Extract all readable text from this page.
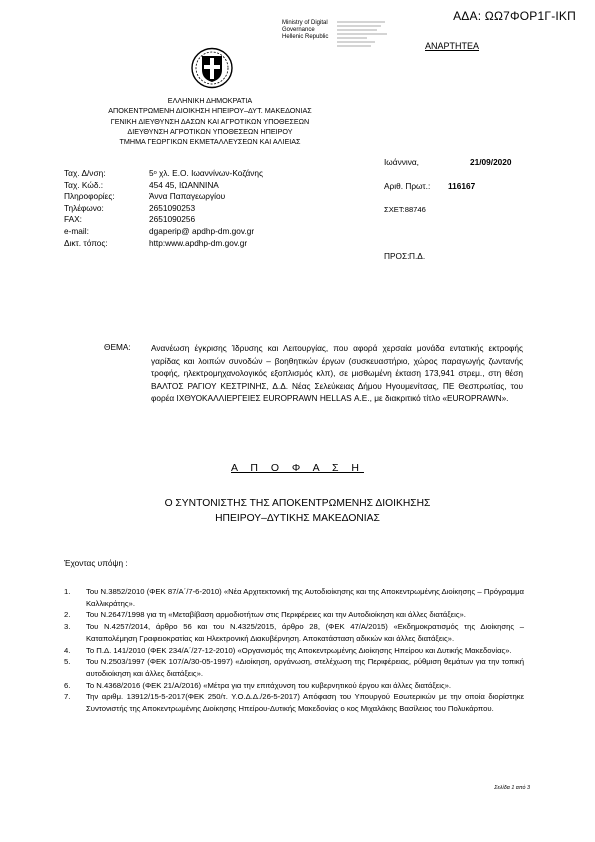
ΑΔΑ: ΩΩ7ΦΟΡ1Γ-ΙΚΠ
Ministry of Digital
Governance
Hellenic Republic
ΑΝΑΡΤΗΤΕΑ
ΕΛΛΗΝΙΚΗ ΔΗΜΟΚΡΑΤΙΑ
ΑΠΟΚΕΝΤΡΩΜΕΝΗ ΔΙΟΙΚΗΣΗ ΗΠΕΙΡΟΥ–ΔΥΤ. ΜΑΚΕΔΟΝΙΑΣ
ΓΕΝΙΚΗ ΔΙΕΥΘΥΝΣΗ ΔΑΣΩΝ ΚΑΙ ΑΓΡΟΤΙΚΩΝ ΥΠΟΘΕΣΕΩΝ
ΔΙΕΥΘΥΝΣΗ ΑΓΡΟΤΙΚΩΝ ΥΠΟΘΕΣΕΩΝ ΗΠΕΙΡΟΥ
ΤΜΗΜΑ ΓΕΩΡΓΙΚΩΝ ΕΚΜΕΤΑΛΛΕΥΣΕΩΝ ΚΑΙ ΑΛΙΕΙΑΣ
Ιωάννινα,	21/09/2020
Ταχ. Δ/νση:	5ᵒ χλ. Ε.Ο. Ιωαννίνων-Κοζάνης
Ταχ. Κώδ.:	454 45, ΙΩΑΝΝΙΝΑ
Πληροφορίες:	Άννα Παπαγεωργίου
Τηλέφωνο:	2651090253
FAX:	2651090256
e-mail:	dgaperip@ apdhp-dm.gov.gr
Δικτ. τόπος:	http:www.apdhp-dm.gov.gr
Αριθ. Πρωτ.: 116167
ΣΧΕΤ:88746
ΠΡΟΣ: Π.Δ.
ΘΕΜΑ: Ανανέωση έγκρισης Ίδρυσης και Λειτουργίας, που αφορά χερσαία μονάδα εντατικής εκτροφής γαρίδας και λοιπών συνοδών – βοηθητικών έργων (συσκευαστήριο, χώρος παραγωγής ζωντανής τροφής, ηλεκτρομηχανολογικός εξοπλισμός κλπ), σε μισθωμένη έκταση 173,941 στρεμ., στη θέση ΒΑΛΤΟΣ ΡΑΓΙΟΥ ΚΕΣΤΡΙΝΗΣ, Δ.Δ. Νέας Σελεύκειας Δήμου Ηγουμενίτσας, ΠΕ Θεσπρωτίας, του φορέα ΙΧΘΥΟΚΑΛΛΙΕΡΓΕΙΕΣ EUROPRAWN HELLAS Α.Ε., με διακριτικό τίτλο «EUROPRAWN».
Α Π Ο Φ Α Σ Η
Ο ΣΥΝΤΟΝΙΣΤΗΣ ΤΗΣ ΑΠΟΚΕΝΤΡΩΜΕΝΗΣ ΔΙΟΙΚΗΣΗΣ
ΗΠΕΙΡΟΥ–ΔΥΤΙΚΗΣ ΜΑΚΕΔΟΝΙΑΣ
Έχοντας υπόψη :
1. Του Ν.3852/2010 (ΦΕΚ 87/Α΄/7-6-2010) «Νέα Αρχιτεκτονική της Αυτοδιοίκησης και της Αποκεντρωμένης Διοίκησης – Πρόγραμμα Καλλικράτης».
2. Του Ν.2647/1998 για τη «Μεταβίβαση αρμοδιοτήτων στις Περιφέρειες και την Αυτοδιοίκηση και άλλες διατάξεις».
3. Του Ν.4257/2014, άρθρο 56 και του Ν.4325/2015, άρθρο 28, (ΦΕΚ 47/Α/2015) «Εκδημοκρατισμός της Διοίκησης – Καταπολέμηση Γραφειοκρατίας και Ηλεκτρονική Διακυβέρνηση. Αποκατάσταση αδικιών και άλλες διατάξεις».
4. Το Π.Δ. 141/2010 (ΦΕΚ 234/Α΄/27-12-2010) «Οργανισμός της Αποκεντρωμένης Διοίκησης Ηπείρου και Δυτικής Μακεδονίας».
5. Του Ν.2503/1997 (ΦΕΚ 107/Α/30-05-1997) «Διοίκηση, οργάνωση, στελέχωση της Περιφέρειας, ρύθμιση θεμάτων για την τοπική αυτοδιοίκηση και άλλες διατάξεις».
6. Το Ν.4368/2016 (ΦΕΚ 21/Α/2016) «Μέτρα για την επιτάχυνση του κυβερνητικού έργου και άλλες διατάξεις».
7. Την αριθμ. 13912/15-5-2017(ΦΕΚ 250/τ. Υ.Ο.Δ.Δ./26-5-2017) Απόφαση του Υπουργού Εσωτερικών με την οποία διορίστηκε Συντονιστής της Αποκεντρωμένης Διοίκησης Ηπείρου-Δυτικής Μακεδονίας ο κος Μιχαλάκης Βασίλειος του Πολυκάρπου.
Σελίδα 1 από 3
